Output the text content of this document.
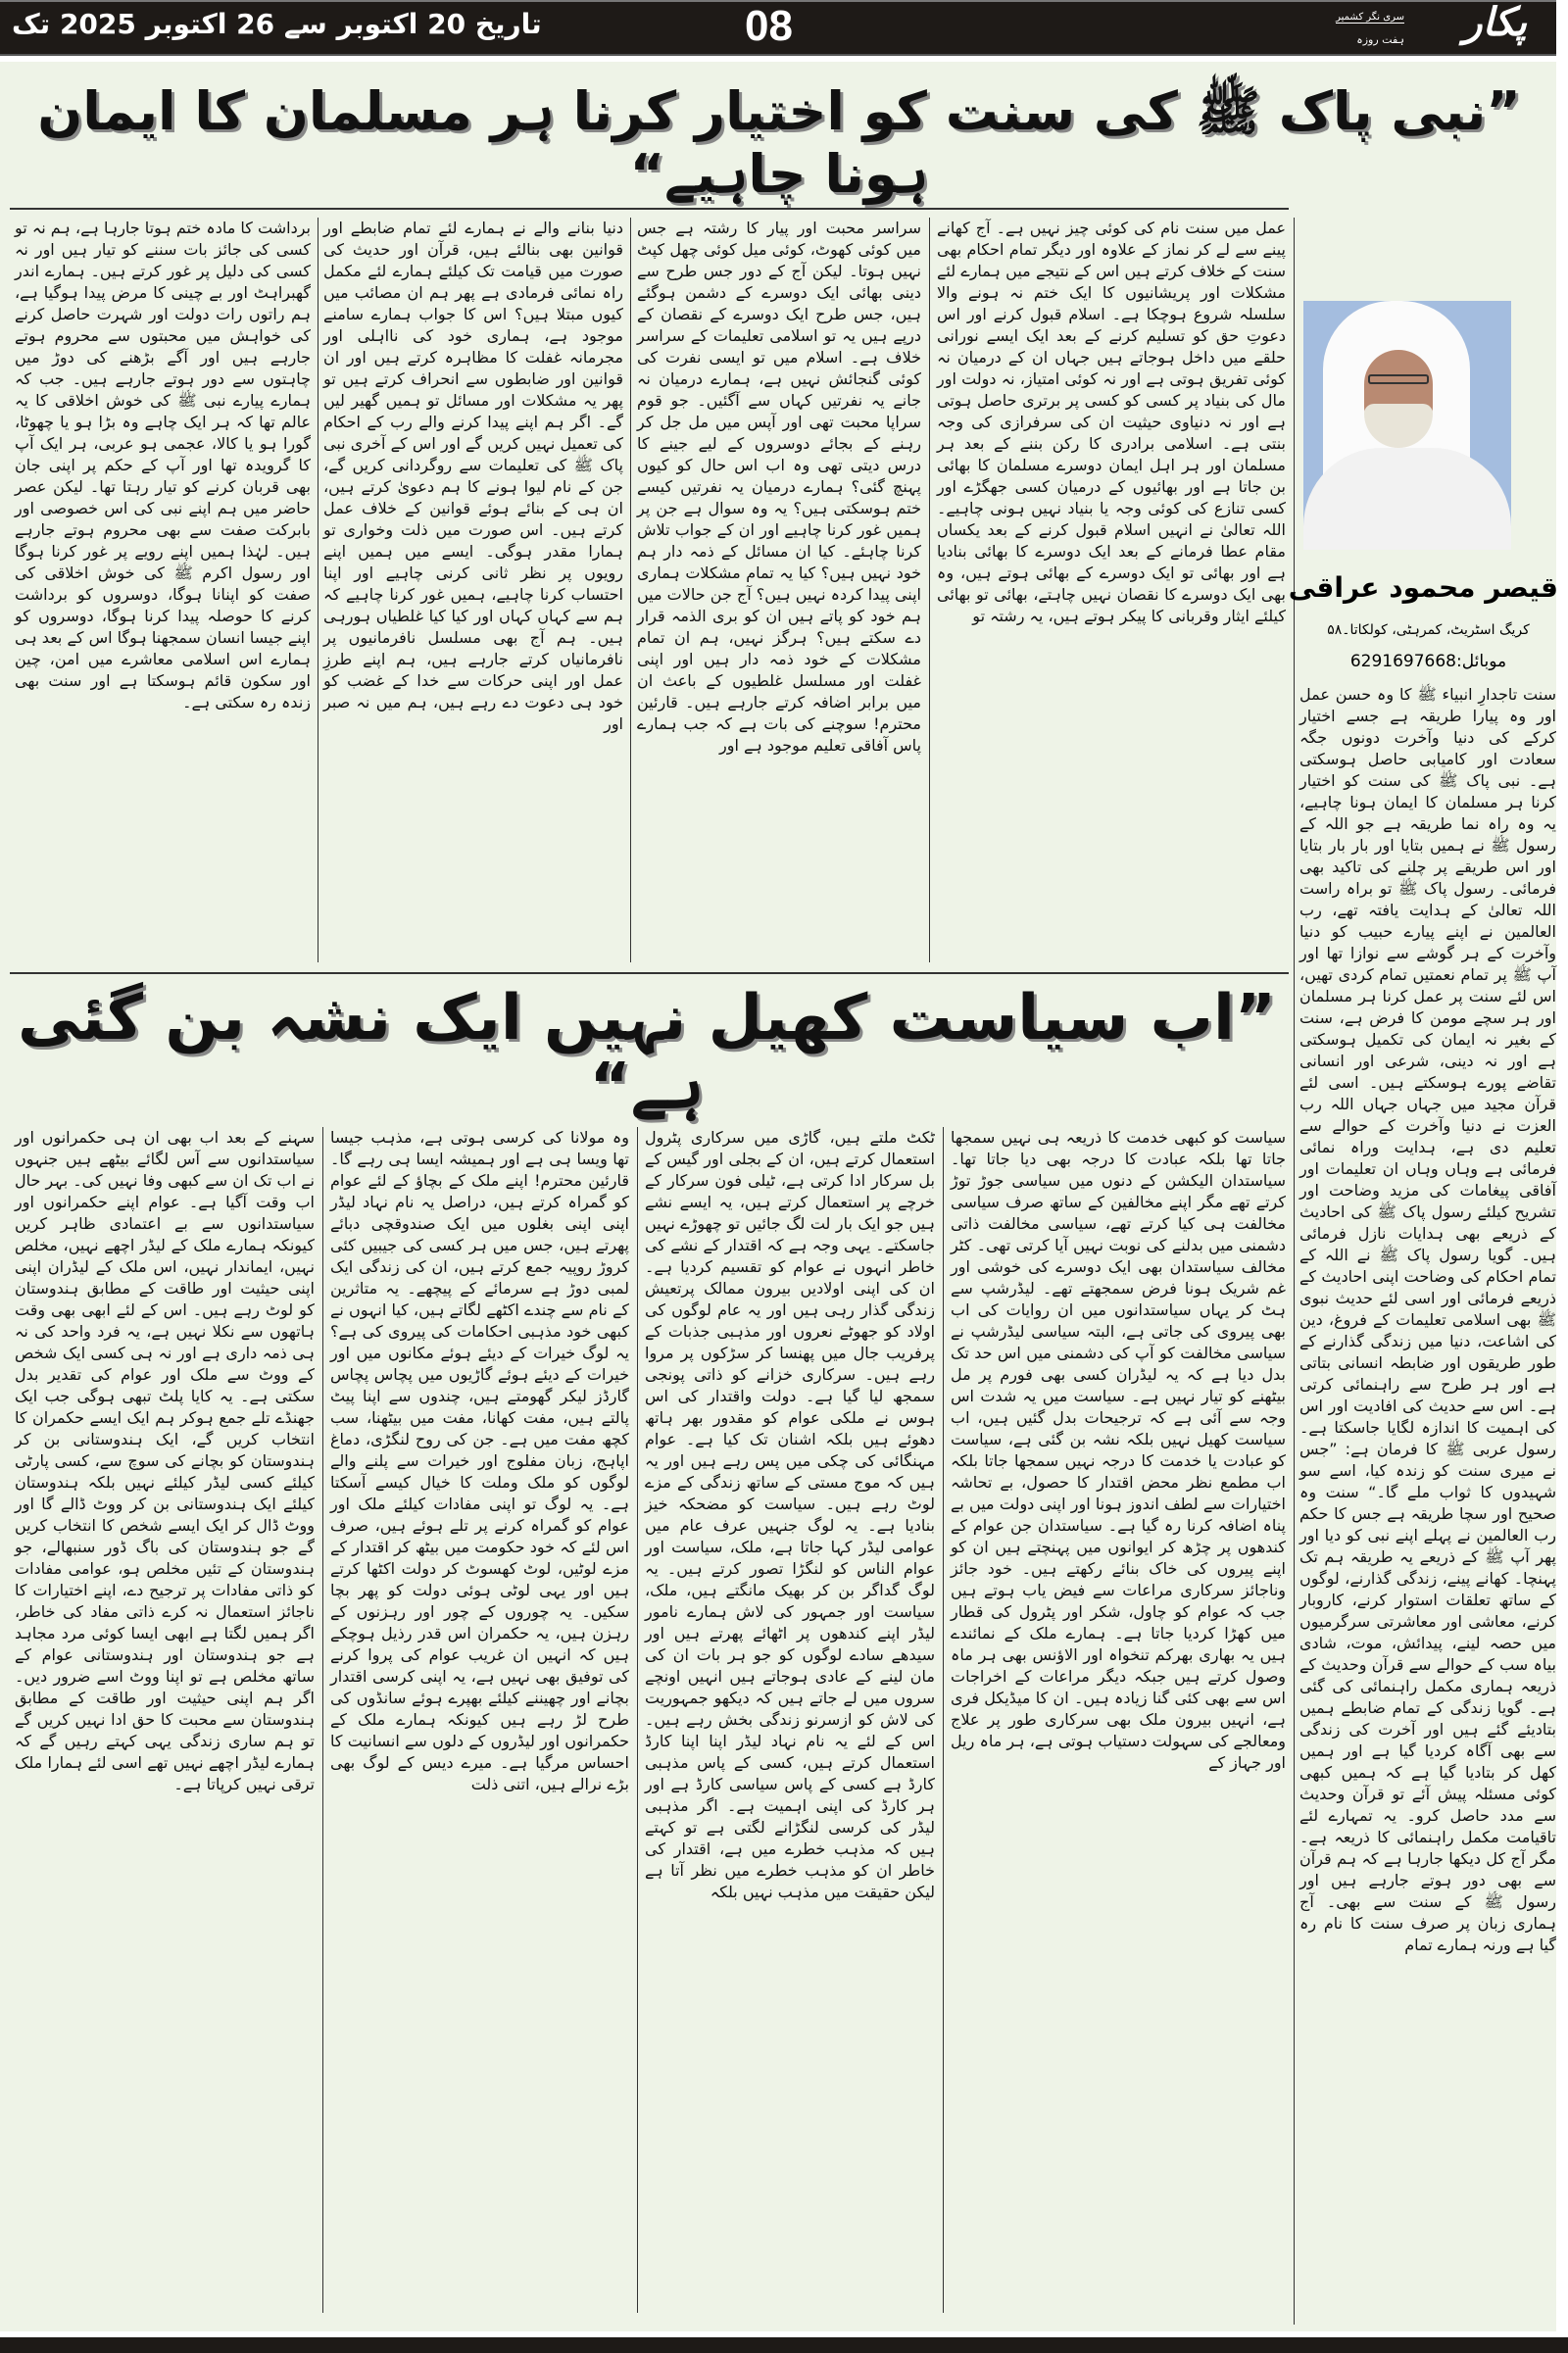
تاریخ 20 اکتوبر سے 26 اکتوبر 2025 تک	08	پکار
سری نگر کشمیر
ہفت روزہ
”نبی پاک ﷺ کی سنت کو اختیار کرنا ہر مسلمان کا ایمان ہونا چاہیے“
عمل میں سنت نام کی کوئی چیز نہیں ہے۔ آج کھانے پینے سے لے کر نماز کے علاوہ اور دیگر تمام احکام بھی سنت کے خلاف کرتے ہیں اس کے نتیجے میں ہمارے لئے مشکلات اور پریشانیوں کا ایک ختم نہ ہونے والا سلسلہ شروع ہوچکا ہے۔ اسلام قبول کرنے اور اس دعوتِ حق کو تسلیم کرنے کے بعد ایک ایسے نورانی حلقے میں داخل ہوجاتے ہیں جہاں ان کے درمیان نہ کوئی تفریق ہوتی ہے اور نہ کوئی امتیاز، نہ دولت اور مال کی بنیاد پر کسی کو کسی پر برتری حاصل ہوتی ہے اور نہ دنیاوی حیثیت ان کی سرفرازی کی وجہ بنتی ہے۔ اسلامی برادری کا رکن بننے کے بعد ہر مسلمان اور ہر اہل ایمان دوسرے مسلمان کا بھائی بن جاتا ہے اور بھائیوں کے درمیان کسی جھگڑے اور کسی تنازع کی کوئی وجہ یا بنیاد نہیں ہونی چاہیے۔ اللہ تعالیٰ نے انہیں اسلام قبول کرنے کے بعد یکساں مقام عطا فرمانے کے بعد ایک دوسرے کا بھائی بنادیا ہے اور بھائی تو ایک دوسرے کے بھائی ہوتے ہیں، وہ بھی ایک دوسرے کا نقصان نہیں چاہتے، بھائی تو بھائی کیلئے ایثار وقربانی کا پیکر ہوتے ہیں، یہ رشتہ تو
سراسر محبت اور پیار کا رشتہ ہے جس میں کوئی کھوٹ، کوئی میل کوئی چھل کپٹ نہیں ہوتا۔ لیکن آج کے دور جس طرح سے دینی بھائی ایک دوسرے کے دشمن ہوگئے ہیں، جس طرح ایک دوسرے کے نقصان کے درپے ہیں یہ تو اسلامی تعلیمات کے سراسر خلاف ہے۔ اسلام میں تو ایسی نفرت کی کوئی گنجائش نہیں ہے، ہمارے درمیان نہ جانے یہ نفرتیں کہاں سے آگئیں۔ جو قوم سراپا محبت تھی اور آپس میں مل جل کر رہنے کے بجائے دوسروں کے لیے جینے کا درس دیتی تھی وہ اب اس حال کو کیوں پہنچ گئی؟ ہمارے درمیان یہ نفرتیں کیسے ختم ہوسکتی ہیں؟ یہ وہ سوال ہے جن پر ہمیں غور کرنا چاہیے اور ان کے جواب تلاش کرنا چاہئے۔ کیا ان مسائل کے ذمہ دار ہم خود نہیں ہیں؟ کیا یہ تمام مشکلات ہماری اپنی پیدا کردہ نہیں ہیں؟ آج جن حالات میں ہم خود کو پاتے ہیں ان کو بری الذمہ قرار دے سکتے ہیں؟ ہرگز نہیں، ہم ان تمام مشکلات کے خود ذمہ دار ہیں اور اپنی غفلت اور مسلسل غلطیوں کے باعث ان میں برابر اضافہ کرتے جارہے ہیں۔ قارئین محترم! سوچنے کی بات ہے کہ جب ہمارے پاس آفاقی تعلیم موجود ہے اور
دنیا بنانے والے نے ہمارے لئے تمام ضابطے اور قوانین بھی بنالئے ہیں، قرآن اور حدیث کی صورت میں قیامت تک کیلئے ہمارے لئے مکمل راہ نمائی فرمادی ہے پھر ہم ان مصائب میں کیوں مبتلا ہیں؟ اس کا جواب ہمارے سامنے موجود ہے، ہماری خود کی نااہلی اور مجرمانہ غفلت کا مظاہرہ کرتے ہیں اور ان قوانین اور ضابطوں سے انحراف کرتے ہیں تو پھر یہ مشکلات اور مسائل تو ہمیں گھیر لیں گے۔ اگر ہم اپنے پیدا کرنے والے رب کے احکام کی تعمیل نہیں کریں گے اور اس کے آخری نبی پاک ﷺ کی تعلیمات سے روگردانی کریں گے، جن کے نام لیوا ہونے کا ہم دعویٰ کرتے ہیں، ان ہی کے بنائے ہوئے قوانین کے خلاف عمل کرتے ہیں۔ اس صورت میں ذلت وخواری تو ہمارا مقدر ہوگی۔ ایسے میں ہمیں اپنے رویوں پر نظر ثانی کرنی چاہیے اور اپنا احتساب کرنا چاہیے، ہمیں غور کرنا چاہیے کہ ہم سے کہاں کہاں اور کیا کیا غلطیاں ہورہی ہیں۔ ہم آج بھی مسلسل نافرمانیوں پر نافرمانیاں کرتے جارہے ہیں، ہم اپنے طرزِ عمل اور اپنی حرکات سے خدا کے غضب کو خود ہی دعوت دے رہے ہیں، ہم میں نہ صبر اور
برداشت کا مادہ ختم ہوتا جارہا ہے، ہم نہ تو کسی کی جائز بات سننے کو تیار ہیں اور نہ کسی کی دلیل پر غور کرتے ہیں۔ ہمارے اندر گھبراہٹ اور بے چینی کا مرض پیدا ہوگیا ہے، ہم راتوں رات دولت اور شہرت حاصل کرنے کی خواہش میں محبتوں سے محروم ہوتے جارہے ہیں اور آگے بڑھنے کی دوڑ میں چاہتوں سے دور ہوتے جارہے ہیں۔ جب کہ ہمارے پیارے نبی ﷺ کی خوش اخلاقی کا یہ عالم تھا کہ ہر ایک چاہے وہ بڑا ہو یا چھوٹا، گورا ہو یا کالا، عجمی ہو عربی، ہر ایک آپ کا گرویدہ تھا اور آپ کے حکم پر اپنی جان بھی قربان کرنے کو تیار رہتا تھا۔ لیکن عصر حاضر میں ہم اپنے نبی کی اس خصوصی اور بابرکت صفت سے بھی محروم ہوتے جارہے ہیں۔ لہٰذا ہمیں اپنے رویے پر غور کرنا ہوگا اور رسول اکرم ﷺ کی خوش اخلاقی کی صفت کو اپنانا ہوگا، دوسروں کو برداشت کرنے کا حوصلہ پیدا کرنا ہوگا، دوسروں کو اپنے جیسا انسان سمجھنا ہوگا اس کے بعد ہی ہمارے اس اسلامی معاشرے میں امن، چین اور سکون قائم ہوسکتا ہے اور سنت بھی زندہ رہ سکتی ہے۔
قیصر محمود عراقی
کریگ اسٹریٹ، کمرہٹی، کولکاتا۔۵۸
موبائل:6291697668
سنت تاجدارِ انبیاء ﷺ کا وہ حسن عمل اور وہ پیارا طریقہ ہے جسے اختیار کرکے کی دنیا وآخرت دونوں جگہ سعادت اور کامیابی حاصل ہوسکتی ہے۔ نبی پاک ﷺ کی سنت کو اختیار کرنا ہر مسلمان کا ایمان ہونا چاہیے، یہ وہ راہ نما طریقہ ہے جو اللہ کے رسول ﷺ نے ہمیں بتایا اور بار بار بتایا اور اس طریقے پر چلنے کی تاکید بھی فرمائی۔ رسول پاک ﷺ تو براہ راست اللہ تعالیٰ کے ہدایت یافتہ تھے، رب العالمین نے اپنے پیارے حبیب کو دنیا وآخرت کے ہر گوشے سے نوازا تھا اور آپ ﷺ پر تمام نعمتیں تمام کردی تھیں، اس لئے سنت پر عمل کرنا ہر مسلمان اور ہر سچے مومن کا فرض ہے، سنت کے بغیر نہ ایمان کی تکمیل ہوسکتی ہے اور نہ دینی، شرعی اور انسانی تقاضے پورے ہوسکتے ہیں۔ اسی لئے قرآن مجید میں جہاں جہاں اللہ رب العزت نے دنیا وآخرت کے حوالے سے تعلیم دی ہے، ہدایت وراہ نمائی فرمائی ہے وہاں وہاں ان تعلیمات اور آفاقی پیغامات کی مزید وضاحت اور تشریح کیلئے رسول پاک ﷺ کی احادیث کے ذریعے بھی ہدایات نازل فرمائی ہیں۔ گویا رسول پاک ﷺ نے اللہ کے تمام احکام کی وضاحت اپنی احادیث کے ذریعے فرمائی اور اسی لئے حدیث نبوی ﷺ بھی اسلامی تعلیمات کے فروغ، دین کی اشاعت، دنیا میں زندگی گذارنے کے طور طریقوں اور ضابطہ انسانی بتاتی ہے اور ہر طرح سے راہنمائی کرتی ہے۔ اس سے حدیث کی افادیت اور اس کی اہمیت کا اندازہ لگایا جاسکتا ہے۔ رسول عربی ﷺ کا فرمان ہے: ”جس نے میری سنت کو زندہ کیا، اسے سو شہیدوں کا ثواب ملے گا۔“ سنت وہ صحیح اور سچا طریقہ ہے جس کا حکم رب العالمین نے پہلے اپنے نبی کو دیا اور پھر آپ ﷺ کے ذریعے یہ طریقہ ہم تک پہنچا۔ کھانے پینے، زندگی گذارنے، لوگوں کے ساتھ تعلقات استوار کرنے، کاروبار کرنے، معاشی اور معاشرتی سرگرمیوں میں حصہ لینے، پیدائش، موت، شادی بیاہ سب کے حوالے سے قرآن وحدیث کے ذریعہ ہماری مکمل راہنمائی کی گئی ہے۔ گویا زندگی کے تمام ضابطے ہمیں بتادیئے گئے ہیں اور آخرت کی زندگی سے بھی آگاہ کردیا گیا ہے اور ہمیں کھل کر بتادیا گیا ہے کہ ہمیں کبھی کوئی مسئلہ پیش آئے تو قرآن وحدیث سے مدد حاصل کرو۔ یہ تمہارے لئے تاقیامت مکمل راہنمائی کا ذریعہ ہے۔ مگر آج کل دیکھا جارہا ہے کہ ہم قرآن سے بھی دور ہوتے جارہے ہیں اور رسول ﷺ کے سنت سے بھی۔ آج ہماری زبان پر صرف سنت کا نام رہ گیا ہے ورنہ ہمارے تمام
”اب سیاست کھیل نہیں ایک نشہ بن گئی ہے“
سیاست کو کبھی خدمت کا ذریعہ ہی نہیں سمجھا جاتا تھا بلکہ عبادت کا درجہ بھی دیا جاتا تھا۔ سیاستدان الیکشن کے دنوں میں سیاسی جوڑ توڑ کرتے تھے مگر اپنے مخالفین کے ساتھ صرف سیاسی مخالفت ہی کیا کرتے تھے، سیاسی مخالفت ذاتی دشمنی میں بدلنے کی نوبت نہیں آیا کرتی تھی۔ کٹر مخالف سیاستدان بھی ایک دوسرے کی خوشی اور غم شریک ہونا فرض سمجھتے تھے۔ لیڈرشپ سے ہٹ کر یہاں سیاستدانوں میں ان روایات کی اب بھی پیروی کی جاتی ہے، البتہ سیاسی لیڈرشپ نے سیاسی مخالفت کو آپ کی دشمنی میں اس حد تک بدل دیا ہے کہ یہ لیڈران کسی بھی فورم پر مل بیٹھنے کو تیار نہیں ہے۔ سیاست میں یہ شدت اس وجہ سے آئی ہے کہ ترجیحات بدل گئیں ہیں، اب سیاست کھیل نہیں بلکہ نشہ بن گئی ہے، سیاست کو عبادت یا خدمت کا درجہ نہیں سمجھا جاتا بلکہ اب مطمع نظر محض اقتدار کا حصول، بے تحاشہ اختیارات سے لطف اندوز ہونا اور اپنی دولت میں بے پناہ اضافہ کرنا رہ گیا ہے۔ سیاستدان جن عوام کے کندھوں پر چڑھ کر ایوانوں میں پہنچتے ہیں ان کو اپنے پیروں کی خاک بنائے رکھتے ہیں۔ خود جائز وناجائز سرکاری مراعات سے فیض یاب ہوتے ہیں جب کہ عوام کو چاول، شکر اور پٹرول کی قطار میں کھڑا کردیا جاتا ہے۔ ہمارے ملک کے نمائندے ہیں یہ بھاری بھرکم تنخواہ اور الاؤنس بھی ہر ماہ وصول کرتے ہیں جبکہ دیگر مراعات کے اخراجات اس سے بھی کئی گنا زیادہ ہیں۔ ان کا میڈیکل فری ہے، انہیں بیرون ملک بھی سرکاری طور پر علاج ومعالجے کی سہولت دستیاب ہوتی ہے، ہر ماہ ریل اور جہاز کے
ٹکٹ ملتے ہیں، گاڑی میں سرکاری پٹرول استعمال کرتے ہیں، ان کے بجلی اور گیس کے بل سرکار ادا کرتی ہے، ٹیلی فون سرکار کے خرچے پر استعمال کرتے ہیں، یہ ایسے نشے ہیں جو ایک بار لت لگ جائیں تو چھوڑے نہیں جاسکتے۔ یہی وجہ ہے کہ اقتدار کے نشے کی خاطر انہوں نے عوام کو تقسیم کردیا ہے۔ ان کی اپنی اولادیں بیرون ممالک پرتعیش زندگی گذار رہی ہیں اور یہ عام لوگوں کی اولاد کو جھوٹے نعروں اور مذہبی جذبات کے پرفریب جال میں پھنسا کر سڑکوں پر مروا رہے ہیں۔ سرکاری خزانے کو ذاتی پونجی سمجھ لیا گیا ہے۔ دولت واقتدار کی اس ہوس نے ملکی عوام کو مقدور بھر ہاتھ دھوئے ہیں بلکہ اشنان تک کیا ہے۔ عوام مہنگائی کی چکی میں پس رہے ہیں اور یہ ہیں کہ موج مستی کے ساتھ زندگی کے مزے لوٹ رہے ہیں۔ سیاست کو مضحکہ خیز بنادیا ہے۔ یہ لوگ جنہیں عرف عام میں عوامی لیڈر کہا جاتا ہے، ملک، سیاست اور عوام الناس کو لنگڑا تصور کرتے ہیں۔ یہ لوگ گداگر بن کر بھیک مانگتے ہیں، ملک، سیاست اور جمہور کی لاش ہمارے نامور لیڈر اپنے کندھوں پر اٹھائے پھرتے ہیں اور سیدھے سادے لوگوں کو جو ہر بات ان کی مان لینے کے عادی ہوجاتے ہیں انہیں اونچے سروں میں لے جاتے ہیں کہ دیکھو جمہوریت کی لاش کو ازسرنو زندگی بخش رہے ہیں۔ اس کے لئے یہ نام نہاد لیڈر اپنا اپنا کارڈ استعمال کرتے ہیں، کسی کے پاس مذہبی کارڈ ہے کسی کے پاس سیاسی کارڈ ہے اور ہر کارڈ کی اپنی اہمیت ہے۔ اگر مذہبی لیڈر کی کرسی لنگڑانے لگتی ہے تو کہتے ہیں کہ مذہب خطرے میں ہے، اقتدار کی خاطر ان کو مذہب خطرے میں نظر آتا ہے لیکن حقیقت میں مذہب نہیں بلکہ
وہ مولانا کی کرسی ہوتی ہے، مذہب جیسا تھا ویسا ہی ہے اور ہمیشہ ایسا ہی رہے گا۔ قارئین محترم! اپنے ملک کے بچاؤ کے لئے عوام کو گمراہ کرتے ہیں، دراصل یہ نام نہاد لیڈر اپنی اپنی بغلوں میں ایک صندوقچی دبائے پھرتے ہیں، جس میں ہر کسی کی جیبیں کئی کروڑ روپیہ جمع کرتے ہیں، ان کی زندگی ایک لمبی دوڑ ہے سرمائے کے پیچھے۔ یہ متاثرین کے نام سے چندے اکٹھے لگاتے ہیں، کیا انہوں نے کبھی خود مذہبی احکامات کی پیروی کی ہے؟ یہ لوگ خیرات کے دیئے ہوئے مکانوں میں اور خیرات کے دیئے ہوئے گاڑیوں میں پچاس پچاس گارڈز لیکر گھومتے ہیں، چندوں سے اپنا پیٹ پالتے ہیں، مفت کھانا، مفت میں بیٹھنا، سب کچھ مفت میں ہے۔ جن کی روح لنگڑی، دماغ اپاہج، زبان مفلوج اور خیرات سے پلنے والے لوگوں کو ملک وملت کا خیال کیسے آسکتا ہے۔ یہ لوگ تو اپنی مفادات کیلئے ملک اور عوام کو گمراہ کرنے پر تلے ہوئے ہیں، صرف اس لئے کہ خود حکومت میں بیٹھ کر اقتدار کے مزے لوٹیں، لوٹ کھسوٹ کر دولت اکٹھا کرتے ہیں اور یہی لوٹی ہوئی دولت کو پھر بچا سکیں۔ یہ چوروں کے چور اور رہزنوں کے رہزن ہیں، یہ حکمران اس قدر رذیل ہوچکے ہیں کہ انہیں ان غریب عوام کی پروا کرنے کی توفیق بھی نہیں ہے، یہ اپنی کرسی اقتدار بچانے اور چھیننے کیلئے بھپرے ہوئے سانڈوں کی طرح لڑ رہے ہیں کیونکہ ہمارے ملک کے حکمرانوں اور لیڈروں کے دلوں سے انسانیت کا احساس مرگیا ہے۔ میرے دیس کے لوگ بھی بڑے نرالے ہیں، اتنی ذلت
سہنے کے بعد اب بھی ان ہی حکمرانوں اور سیاستدانوں سے آس لگائے بیٹھے ہیں جنہوں نے اب تک ان سے کبھی وفا نہیں کی۔ بہر حال اب وقت آگیا ہے۔ عوام اپنے حکمرانوں اور سیاستدانوں سے بے اعتمادی ظاہر کریں کیونکہ ہمارے ملک کے لیڈر اچھے نہیں، مخلص نہیں، ایماندار نہیں، اس ملک کے لیڈران اپنی اپنی حیثیت اور طاقت کے مطابق ہندوستان کو لوٹ رہے ہیں۔ اس کے لئے ابھی بھی وقت ہاتھوں سے نکلا نہیں ہے، یہ فرد واحد کی نہ ہی ذمہ داری ہے اور نہ ہی کسی ایک شخص کے ووٹ سے ملک اور عوام کی تقدیر بدل سکتی ہے۔ یہ کایا پلٹ تبھی ہوگی جب ایک جھنڈے تلے جمع ہوکر ہم ایک ایسے حکمران کا انتخاب کریں گے، ایک ہندوستانی بن کر ہندوستان کو بچانے کی سوچ سے، کسی پارٹی کیلئے کسی لیڈر کیلئے نہیں بلکہ ہندوستان کیلئے ایک ہندوستانی بن کر ووٹ ڈالے گا اور ووٹ ڈال کر ایک ایسے شخص کا انتخاب کریں گے جو ہندوستان کی باگ ڈور سنبھالے، جو ہندوستان کے تئیں مخلص ہو، عوامی مفادات کو ذاتی مفادات پر ترجیح دے، اپنے اختیارات کا ناجائز استعمال نہ کرے ذاتی مفاد کی خاطر، اگر ہمیں لگتا ہے ابھی ایسا کوئی مرد مجاہد ہے جو ہندوستان اور ہندوستانی عوام کے ساتھ مخلص ہے تو اپنا ووٹ اسے ضرور دیں۔ اگر ہم اپنی حیثیت اور طاقت کے مطابق ہندوستان سے محبت کا حق ادا نہیں کریں گے تو ہم ساری زندگی یہی کہتے رہیں گے کہ ہمارے لیڈر اچھے نہیں تھے اسی لئے ہمارا ملک ترقی نہیں کرپاتا ہے۔
